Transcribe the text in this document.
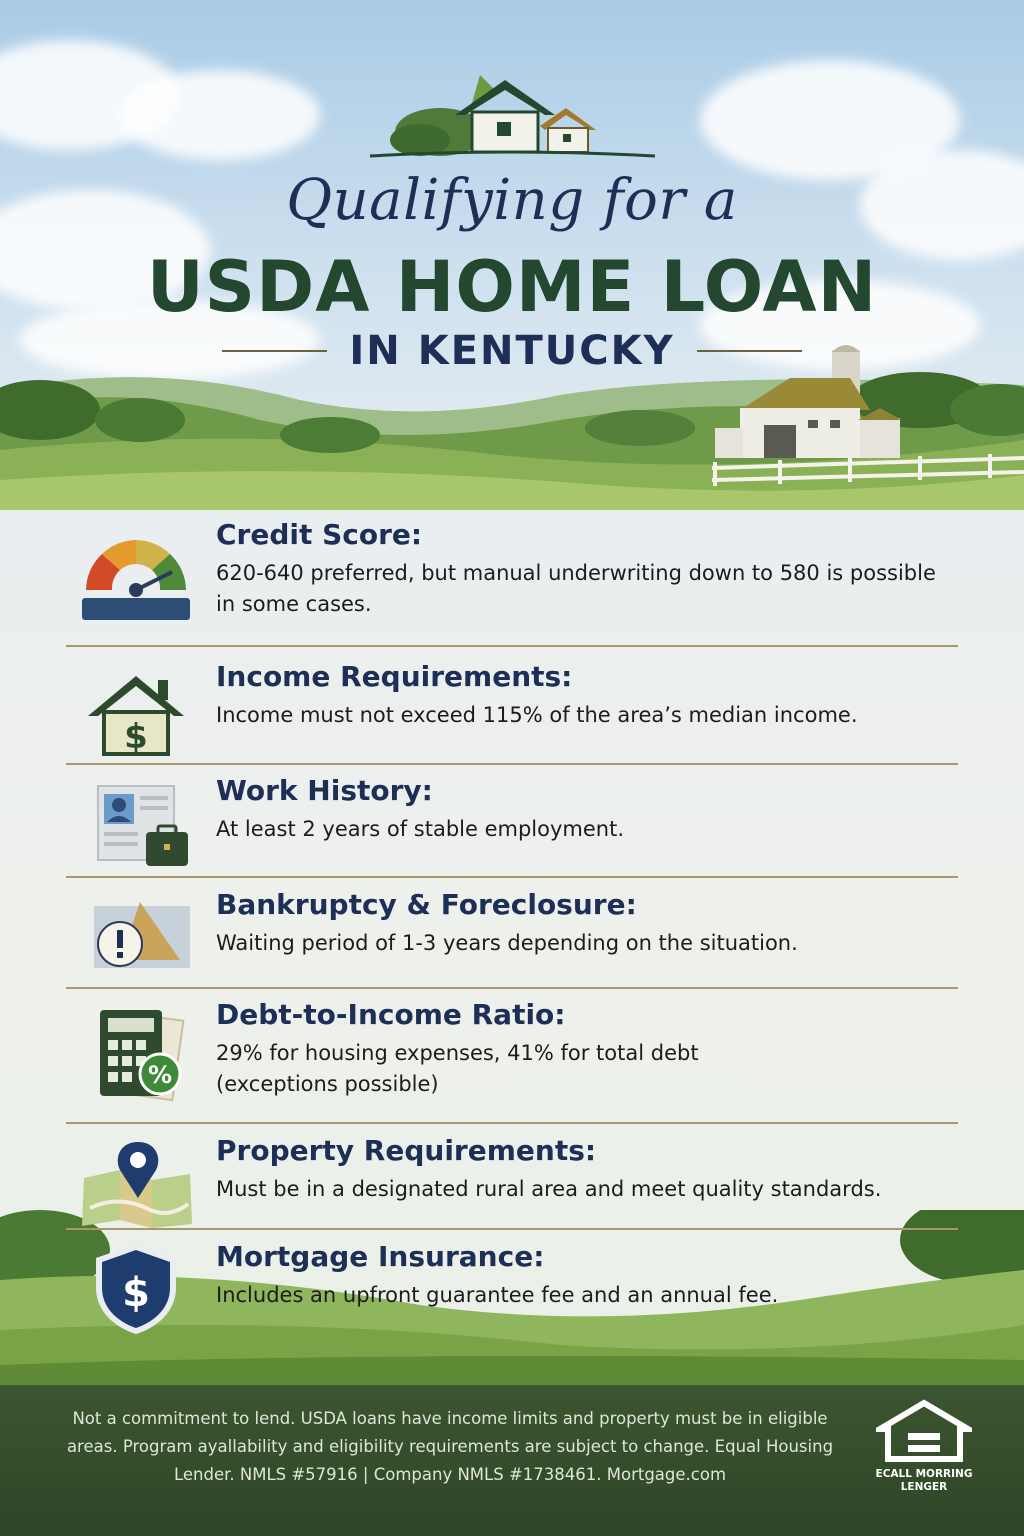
Qualifying for a
USDA HOME LOAN
IN KENTUCKY
Credit Score:

620-640 preferred, but manual underwriting down to 580 is possible in some cases.

$
Income Requirements:

Income must not exceed 115% of the area’s median income.

Work History:

At least 2 years of stable employment.

Bankruptcy & Foreclosure:

Waiting period of 1-3 years depending on the situation.

%
Debt-to-Income Ratio:

29% for housing expenses, 41% for total debt (exceptions possible)

Property Requirements:

Must be in a designated rural area and meet quality standards.

$
Mortgage Insurance:

Includes an upfront guarantee fee and an annual fee.

Not a commitment to lend. USDA loans have income limits and property must be in eligible areas. Program ayallability and eligibility requirements are subject to change. Equal Housing Lender. NMLS #57916 | Company NMLS #1738461. Mortgage.com	ECALL MORRING LENGER
